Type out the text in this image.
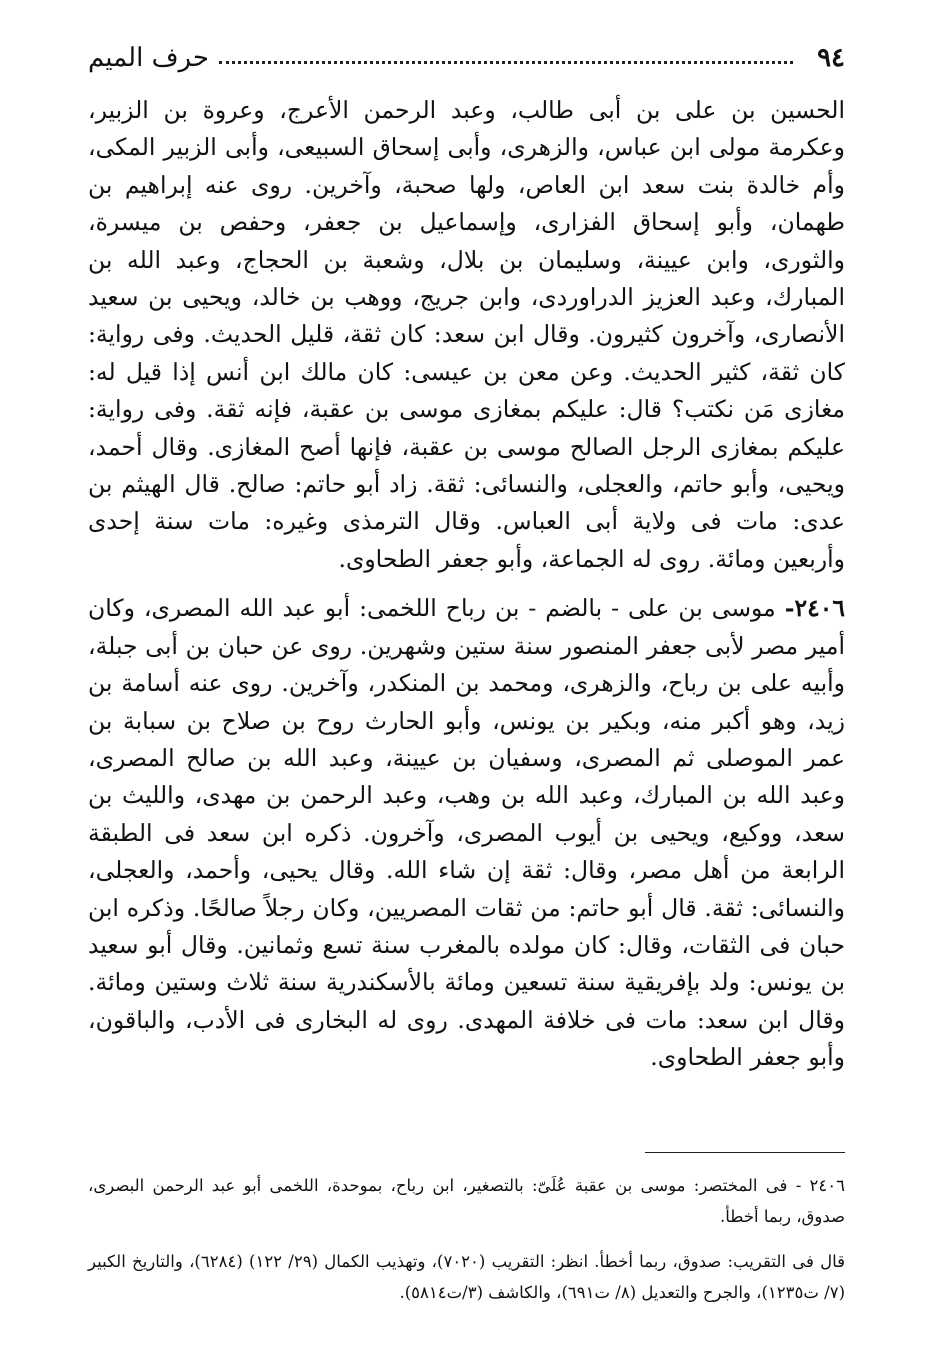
٩٤
حرف الميم

الحسين بن على بن أبى طالب، وعبد الرحمن الأعرج، وعروة بن الزبير، وعكرمة مولى ابن عباس، والزهرى، وأبى إسحاق السبيعى، وأبى الزبير المكى، وأم خالدة بنت سعد ابن العاص، ولها صحبة، وآخرين. روى عنه إبراهيم بن طهمان، وأبو إسحاق الفزارى، وإسماعيل بن جعفر، وحفص بن ميسرة، والثورى، وابن عيينة، وسليمان بن بلال، وشعبة بن الحجاج، وعبد الله بن المبارك، وعبد العزيز الدراوردى، وابن جريج، ووهب بن خالد، ويحيى بن سعيد الأنصارى، وآخرون كثيرون. وقال ابن سعد: كان ثقة، قليل الحديث. وفى رواية: كان ثقة، كثير الحديث. وعن معن بن عيسى: كان مالك ابن أنس إذا قيل له: مغازى مَن نكتب؟ قال: عليكم بمغازى موسى بن عقبة، فإنه ثقة. وفى رواية: عليكم بمغازى الرجل الصالح موسى بن عقبة، فإنها أصح المغازى. وقال أحمد، ويحيى، وأبو حاتم، والعجلى، والنسائى: ثقة. زاد أبو حاتم: صالح. قال الهيثم بن عدى: مات فى ولاية أبى العباس. وقال الترمذى وغيره: مات سنة إحدى وأربعين ومائة. روى له الجماعة، وأبو جعفر الطحاوى.

٢٤٠٦- موسى بن على - بالضم - بن رباح اللخمى: أبو عبد الله المصرى، وكان أمير مصر لأبى جعفر المنصور سنة ستين وشهرين. روى عن حبان بن أبى جبلة، وأبيه على بن رباح، والزهرى، ومحمد بن المنكدر، وآخرين. روى عنه أسامة بن زيد، وهو أكبر منه، وبكير بن يونس، وأبو الحارث روح بن صلاح بن سبابة بن عمر الموصلى ثم المصرى، وسفيان بن عيينة، وعبد الله بن صالح المصرى، وعبد الله بن المبارك، وعبد الله بن وهب، وعبد الرحمن بن مهدى، والليث بن سعد، ووكيع، ويحيى بن أيوب المصرى، وآخرون. ذكره ابن سعد فى الطبقة الرابعة من أهل مصر، وقال: ثقة إن شاء الله. وقال يحيى، وأحمد، والعجلى، والنسائى: ثقة. قال أبو حاتم: من ثقات المصريين، وكان رجلاً صالحًا. وذكره ابن حبان فى الثقات، وقال: كان مولده بالمغرب سنة تسع وثمانين. وقال أبو سعيد بن يونس: ولد بإفريقية سنة تسعين ومائة بالأسكندرية سنة ثلاث وستين ومائة. وقال ابن سعد: مات فى خلافة المهدى. روى له البخارى فى الأدب، والباقون، وأبو جعفر الطحاوى.

٢٤٠٦ - فى المختصر: موسى بن عقبة عُلَىّ: بالتصغير، ابن رباح، بموحدة، اللخمى أبو عبد الرحمن البصرى، صدوق، ربما أخطأ.

قال فى التقريب: صدوق، ربما أخطأ. انظر: التقريب (٧٠٢٠)، وتهذيب الكمال (٢٩/ ١٢٢) (٦٢٨٤)، والتاريخ الكبير (٧/ ت١٢٣٥)، والجرح والتعديل (٨/ ت٦٩١)، والكاشف (٣/ت٥٨١٤).
